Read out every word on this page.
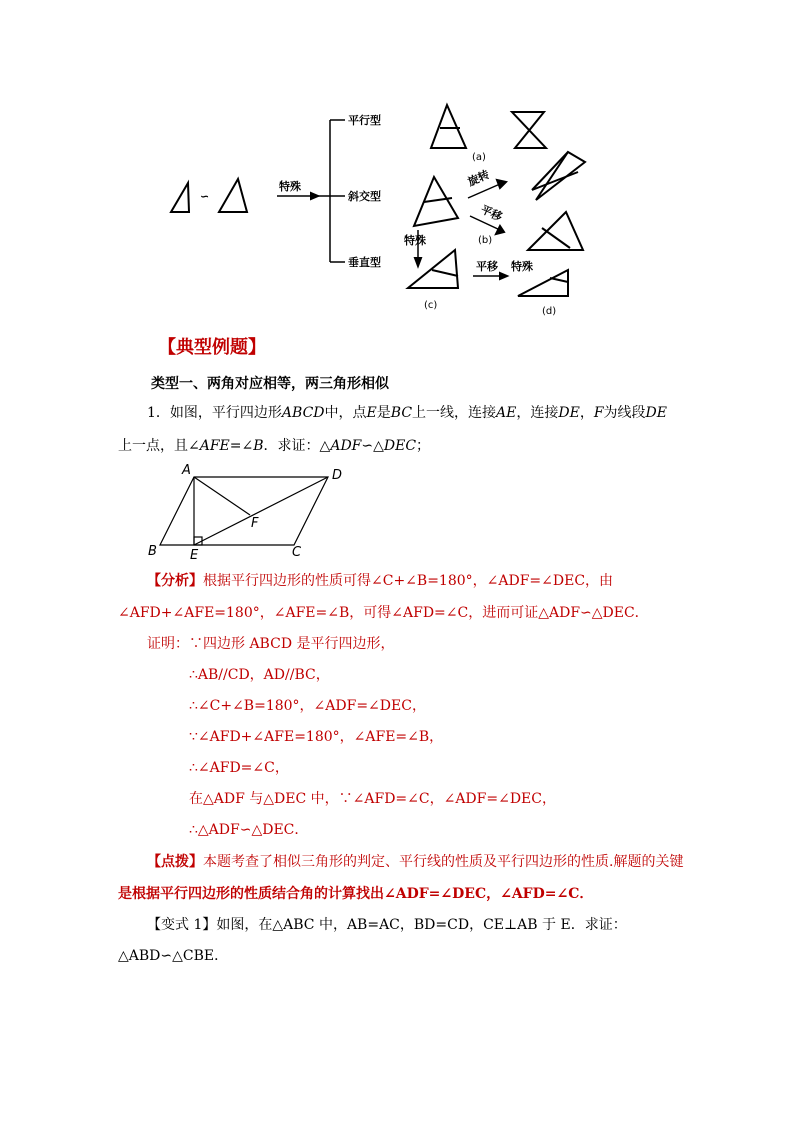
∽
特殊
平行型
斜交型
垂直型
旋转
平移
特殊
平移 特殊
(a)
(b)
(c)
(d)
【典型例题】
类型一、两角对应相等，两三角形相似
1．如图，平行四边形ABCD中，点E是BC上一线，连接AE，连接DE，F为线段DE
上一点，且∠AFE=∠B．求证：△ADF∽△DEC；
A	D
F
B	E	C
【分析】根据平行四边形的性质可得∠C+∠B=180°，∠ADF=∠DEC，由
∠AFD+∠AFE=180°，∠AFE=∠B，可得∠AFD=∠C，进而可证△ADF∽△DEC．
证明：∵四边形 ABCD 是平行四边形，
∴AB//CD，AD//BC，
∴∠C+∠B=180°，∠ADF=∠DEC，
∵∠AFD+∠AFE=180°，∠AFE=∠B，
∴∠AFD=∠C，
在△ADF 与△DEC 中，∵∠AFD=∠C，∠ADF=∠DEC，
∴△ADF∽△DEC．
【点拨】本题考查了相似三角形的判定、平行线的性质及平行四边形的性质.解题的关键
是根据平行四边形的性质结合角的计算找出∠ADF=∠DEC，∠AFD=∠C．
【变式 1】如图，在△ABC 中，AB=AC，BD=CD，CE⊥AB 于 E．求证：
△ABD∽△CBE．
